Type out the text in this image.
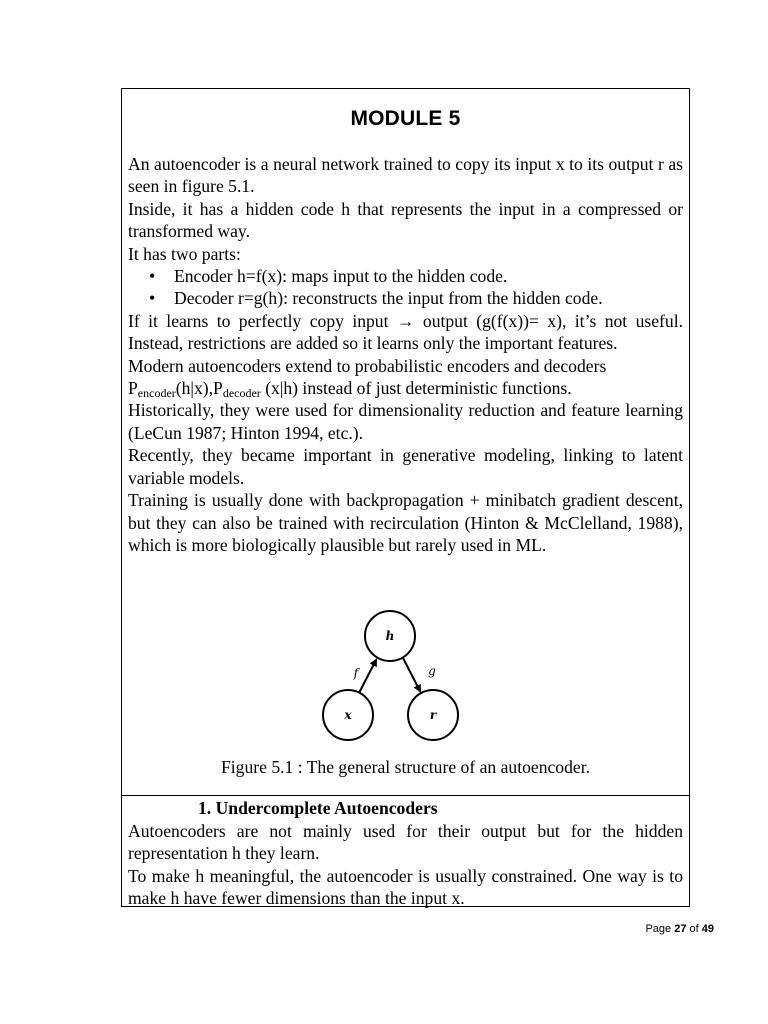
MODULE 5

An autoencoder is a neural network trained to copy its input x to its output r as seen in figure 5.1.

Inside, it has a hidden code h that represents the input in a compressed or transformed way.

It has two parts:

• Encoder h=f(x): maps input to the hidden code.
• Decoder r=g(h): reconstructs the input from the hidden code.

If it learns to perfectly copy input → output (g(f(x))= x), it’s not useful. Instead, restrictions are added so it learns only the important features.

Modern autoencoders extend to probabilistic encoders and decoders

$P_{encoder}(h|x),P_{decoder}$ (x|h) instead of just deterministic functions.

Historically, they were used for dimensionality reduction and feature learning (LeCun 1987; Hinton 1994, etc.).

Recently, they became important in generative modeling, linking to latent variable models.

Training is usually done with backpropagation + minibatch gradient descent, but they can also be trained with recirculation (Hinton & McClelland, 1988), which is more biologically plausible but rarely used in ML.

h
x	r
f	g
Figure 5.1 : The general structure of an autoencoder.
1. Undercomplete Autoencoders

Autoencoders are not mainly used for their output but for the hidden representation h they learn.

To make h meaningful, the autoencoder is usually constrained. One way is to make h have fewer dimensions than the input x.

Page 27 of 49
